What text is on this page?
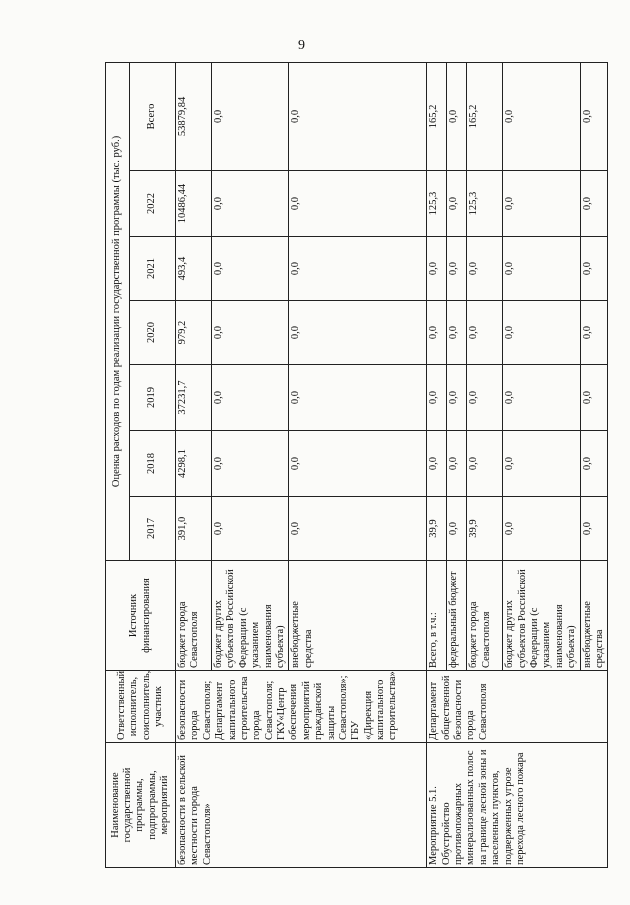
9
Наименование государственной программы, подпрограммы, мероприятий	Ответственный исполнитель, соисполнитель, участник	Источник финансирования	Оценка расходов по годам реализации государственной программы (тыс. руб.)						
			2017	2018	2019	2020	2021	2022	Всего
безопасности в сельской местности города Севастополя»	безопасности города Севастополя; Департамент капитального строительства города Севастополя; ГКУ«Центр обеспечения мероприятий гражданской защиты Севастополя»; ГБУ «Дирекция капитального строительства»	бюджет города Севастополя	391,0	4298,1	37231,7	979,2	493,4	10486,44	53879,84
		бюджет других субъектов Российской Федерации (с указанием наименования субъекта)	0,0	0,0	0,0	0,0	0,0	0,0	0,0
		внебюджетные средства	0,0	0,0	0,0	0,0	0,0	0,0	0,0
Мероприятие 5.1. Обустройство противопожарных минерализованных полос на границе лесной зоны и населенных пунктов, подверженных угрозе перехода лесного пожара	Департамент общественной безопасности города Севастополя	Всего, в т.ч.:	39,9	0,0	0,0	0,0	0,0	125,3	165,2
		федеральный бюджет	0,0	0,0	0,0	0,0	0,0	0,0	0,0
		бюджет города Севастополя	39,9	0,0	0,0	0,0	0,0	125,3	165,2
		бюджет других субъектов Российской Федерации (с указанием наименования субъекта)	0,0	0,0	0,0	0,0	0,0	0,0	0,0
		внебюджетные средства	0,0	0,0	0,0	0,0	0,0	0,0	0,0
